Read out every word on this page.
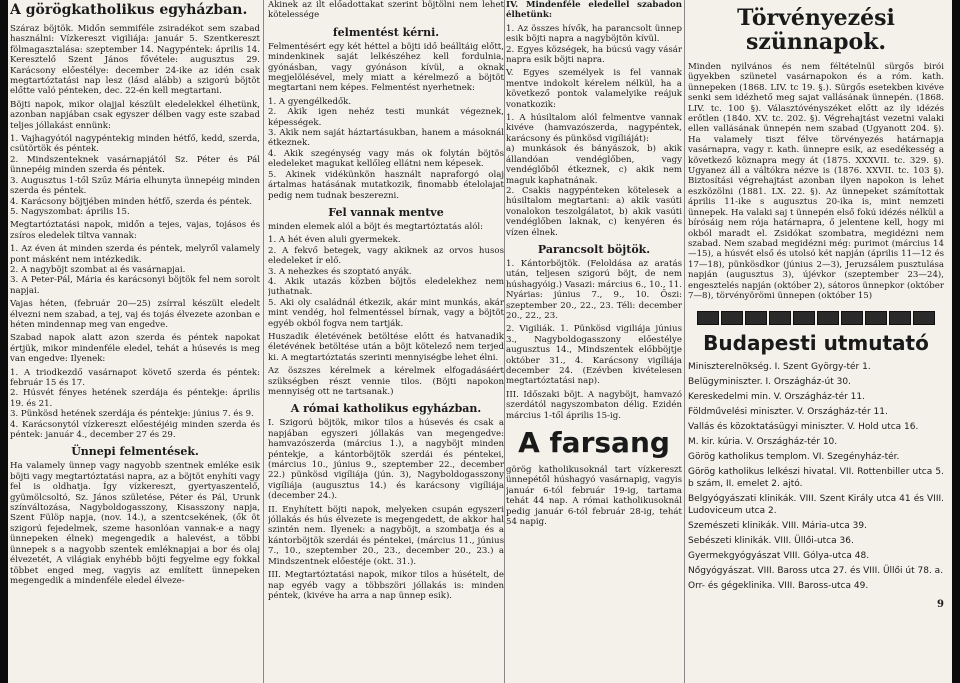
A görögkatholikus egyházban.

Száraz böjtök. Midőn semmiféle zsiradékot sem szabad használni: Vízkereszt vigiliája: január 5. Szentkereszt fölmagasztalása: szeptember 14. Nagypéntek: április 14. Keresztelő Szent János fővétele: augusztus 29. Karácsony előestélye: december 24-ike az idén csak megtartóztatási nap lesz (lásd alább) a szigorú böjtöt előtte való pénteken, dec. 22-én kell megtartani.

Böjti napok, mikor olajjal készült eledelekkel élhetünk, azonban napjában csak egyszer délben vagy este szabad teljes jóllakást ennünk:

1. Vajhagyótól nagypéntekig minden hétfő, kedd, szerda, csütörtök és péntek.
2. Mindszenteknek vasárnapjától Sz. Péter és Pál ünnepéig minden szerda és péntek.
3. Augusztus 1-től Szűz Mária elhunyta ünnepéig minden szerda és péntek.
4. Karácsony böjtjében minden hétfő, szerda és péntek.
5. Nagyszombat: április 15.

Megtartóztatási napok, midőn a tejes, vajas, tojásos és zsíros eledelek tiltva vannak:

1. Az éven át minden szerda és péntek, melyről valamely pont másként nem intézkedik.
2. A nagyböjt szombat ai és vasárnapjai.
3. A Peter-Pál, Mária és karácsonyi böjtök fel nem sorolt napjai.

Vajas héten, (február 20—25) zsírral készült eledelt élvezni nem szabad, a tej, vaj és tojás élvezete azonban e héten mindennap meg van engedve.

Szabad napok alatt azon szerda és péntek napokat értjük, mikor mindenféle eledel, tehát a húsevés is meg van engedve: Ilyenek:

1. A triodkezdő vasárnapot követő szerda és péntek: február 15 és 17.
2. Húsvét fényes hetének szerdája és péntekje: április 19. és 21.
3. Pünkösd hetének szerdája és péntekje: június 7. és 9.
4. Karácsonytól vízkereszt előestéjéig minden szerda és péntek: január 4., december 27 és 29.
Ünnepi felmentések.

Ha valamely ünnep vagy nagyobb szentnek emléke esik böjti vagy megtartóztatási napra, az a böjtöt enyhíti vagy fel is oldhatja. Így vízkereszt, gyertyaszentelő, gyümölcsoltó, Sz. János születése, Péter és Pál, Urunk színváltozása, Nagyboldogasszony, Kisasszony napja, Szent Fülöp napja, (nov. 14.), a szentcsekének, (ők öt szigorú fejedelmek, szeme hasonlóan vannak-e a nagy ünnepeken élnek) megengedik a halevést, a többi ünnepek s a nagyobb szentek emléknapjai a bor és olaj élvezetét, A világiak enyhébb böjti fegyelme egy fokkal többet enged meg, vagyis az említett ünnepeken megengedik a mindenféle eledel élveze-

Akinek az ilt előadottakat szerint böjtölni nem lehet kötelessége

felmentést kérni.

Felmentésért egy két héttel a böjti idő beálltáig előtt, mindenkinek saját lelkészéhez kell fordulnia, gyónásban, vagy gyónáson kívül, a oknak megjelölésével, mely miatt a kérelmező a böjtöt megtartani nem képes. Felmentést nyerhetnek:

1. A gyengélkedők.
2. Akik igen nehéz testi munkát végeznek, képességek.
3. Akik nem saját háztartásukban, hanem a másoknál étkeznek.
4. Akik szegénység vagy más ok folytán böjtös eledeleket magukat kellőleg ellátni nem képesek.
5. Akinek vidékünkön használt napraforgó olaj ártalmas hatásának mutatkozik, finomabb ételolajat pedig nem tudnak beszerezni.
Fel vannak mentve

minden elemek alól a böjt és megtartóztatás alól:

1. A hét éven aluli gyermekek.
2. A fekvő betegek, vagy akiknek az orvos husos eledeleket ír elő.
3. A nehezkes és szoptató anyák.
4. Akik utazás közben böjtös eledelekhez nem juthatnak.
5. Aki oly családnál étkezik, akár mint munkás, akár mint vendég, hol felmentéssel bírnak, vagy a böjtöt egyéb okból fogva nem tartják.

Huszadik életévének betöltése előtt és hatvanadik életévének betöltése után a böjt kötelező nem terjed ki. A megtartóztatás szerinti mennyiségbe lehet élni.

Az öszszes kérelmek a kérelmek elfogadásáért szükségben részt vennie tilos. (Böjti napokon mennyiség ott ne tartsanak.)

A római katholikus egyházban.

I. Szigorú böjtök, mikor tilos a húsevés és csak a napjában egyszeri jóllakás van megengedve: hamvazószerda (március 1.), a nagyböjt minden péntekje, a kántorböjtök szerdái és péntekei, (március 10., június 9., szeptember 22., december 22.) pünkösd vigíliája (jún. 3), Nagyboldogasszony vigíliája (augusztus 14.) és karácsony vigíliája (december 24.).

II. Enyhített böjti napok, melyeken csupán egyszeri jóllakás és hús élvezete is megengedett, de akkor hal szintén nem. Ilyenek: a nagyböjt, a szombatja és a kántorböjtök szerdái és péntekei, (március 11., június 7., 10., szeptember 20., 23., december 20., 23.) a Mindszentnek előestéje (okt. 31.).

III. Megtartóztatási napok, mikor tilos a húsételt, de nap egyéb vagy a többszöri jóllakás is: minden péntek, (kivéve ha arra a nap ünnep esik).

IV. Mindenféle eledellel szabadon élhetünk:

1. Az összes hívők, ha parancsolt ünnep esik böjti napra a nagyböjtön kívül.
2. Egyes községek, ha búcsú vagy vásár napra esik böjti napra.

V. Egyes személyek is fel vannak mentve indokolt kérelem nélkül, ha a következő pontok valamelyike reájuk vonatkozik:

1. A húsiltalom alól felmentve vannak kivéve (hamvazószerda, nagypéntek, karácsony és pünkösd vigíliáját):
a) munkások és bányászok, b) akik állandóan vendéglőben, vagy vendéglőből étkeznek, c) akik nem maguk kaphatnának.
2. Csakis nagypénteken kötelesek a húsiltalom megtartani: a) akik vasúti vonalokon teszolgálatot, b) akik vasúti vendéglőben laknak, c) kenyéren és vízen élnek.
Parancsolt böjtök.

1. Kántorböjtök. (Feloldása az aratás után, teljesen szigorú böjt, de nem húshagyóig.) Vasazi: március 6., 10., 11. Nyárias: június 7., 9., 10. Őszi: szeptember 20., 22., 23. Téli: december 20., 22., 23.

2. Vigiliák. 1. Pünkösd vigiliája június 3., Nagyboldogasszony előestélye augusztus 14., Mindszentek előbböjtje október 31., 4. Karácsony vigíliája december 24. (Ezévben kivételesen megtartóztatási nap).

III. Időszaki böjt. A nagyböjt, hamvazó szerdától nagyszombaton délig. Ezidén március 1-től április 15-ig.

A farsang

görög katholikusoknál tart vízkereszt ünnepétől húshagyó vasárnapig, vagyis január 6-tól február 19-ig, tartama tehát 44 nap. A római katholikusoknál pedig január 6-tól február 28-ig, tehát 54 napig.

Törvényezési szünnapok.

Minden nyilvános és nem féltételnül sürgős birói ügyekben szünetel vasárnapokon és a róm. kath. ünnepeken (1868. LIV. tc 19. §.). Sürgős esetekben kivéve senki sem idézhető meg sajat vallásának ünnepén. (1868. LIV. tc. 100 §). Választóvényszéket előtt az ily idézés erőtlen (1840. XV. tc. 202. §). Végrehajtást vezetni valaki ellen vallásának ünnepén nem szabad (Ugyanott 204. §). Ha valamely tiszt félve törvényezés határnapja vasárnapra, vagy r. kath. ünnepre esik, az esedékesség a következő köznapra megy át (1875. XXXVII. tc. 329. §). Ugyanez áll a váltókra nézve is (1876. XXVII. tc. 103 §). Biztosítási végrehajtást azonban ilyen napokon is lehet eszközölni (1881. LX. 22. §). Az ünnepeket számítottak április 11-ike s augusztus 20-ika is, mint nemzeti ünnepek. Ha valaki saj t ünnepén első fokú idézés nélkül a bírósáig nem rója határnapra, ő jelentene kell, hogy mi okból maradt el. Zsidókat szombatra, megidézni nem szabad. Nem szabad megidézni még: purimot (március 14—15), a húsvét első és utolsó két napján (április 11—12 és 17—18), pünkösdkor (június 2—3), Jeruzsálem pusztulása napján (augusztus 3), újévkor (szeptember 23—24), engesztelés napján (október 2), sátoros ünnepkor (október 7—8), törvényörömi ünnepen (október 15)

Budapesti utmutató
Miniszterelnökség. I. Szent György-tér 1.
Belügyminiszter. I. Országház-út 30.
Kereskedelmi min. V. Országház-tér 11.
Földművelési miniszter. V. Országház-tér 11.
Vallás és közoktatásügyi miniszter. V. Hold utca 16.
M. kir. kúria. V. Országház-tér 10.
Görög katholikus templom. VI. Szegényház-tér.
Görög katholikus lelkészi hivatal. VII. Rottenbiller utca 5. b szám, II. emelet 2. ajtó.
Belgyógyászati klinikák. VIII. Szent Király utca 41 és VIII. Ludoviceum utca 2.
Szemészeti klinikák. VIII. Mária-utca 39.
Sebészeti klinikák. VIII. Üllői-utca 36.
Gyermekgyógyászat VIII. Gólya-utca 48.
Nőgyógyászat. VIII. Baross utca 27. és VIII. Üllői út 78. a.
Orr- és gégeklinika. VIII. Baross-utca 49.
9
